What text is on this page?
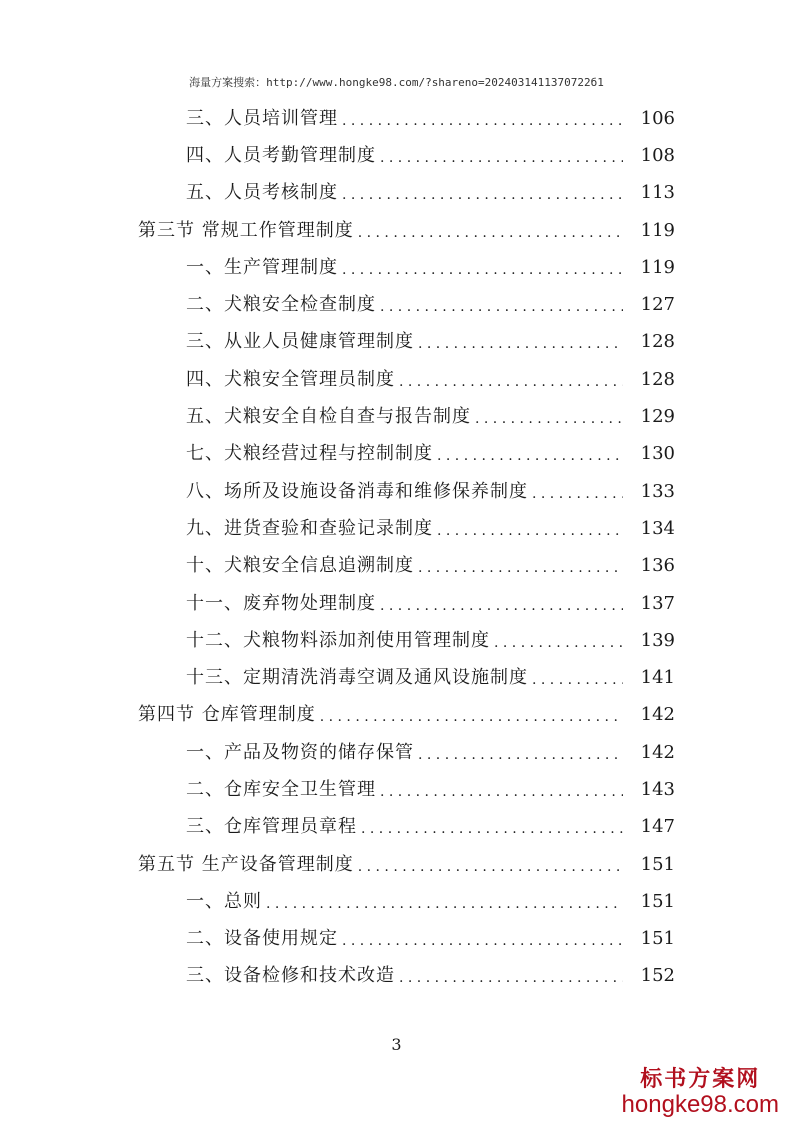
海量方案搜索：http://www.hongke98.com/?shareno=2024031411370722б1
三、人员培训管理 . . .	106
四、人员考勤管理制度 . . .	108
五、人员考核制度 . . .	113
第三节 常规工作管理制度 . . .	119
一、生产管理制度 . . .	119
二、犬粮安全检查制度 . . .	127
三、从业人员健康管理制度 . . .	128
四、犬粮安全管理员制度 . . .	128
五、犬粮安全自检自查与报告制度 . . .	129
七、犬粮经营过程与控制制度 . . .	130
八、场所及设施设备消毒和维修保养制度 . . .	133
九、进货查验和查验记录制度 . . .	134
十、犬粮安全信息追溯制度 . . .	136
十一、废弃物处理制度 . . .	137
十二、犬粮物料添加剂使用管理制度 . . .	139
十三、定期清洗消毒空调及通风设施制度 . . .	141
第四节 仓库管理制度 . . .	142
一、产品及物资的储存保管 . . .	142
二、仓库安全卫生管理 . . .	143
三、仓库管理员章程 . . .	147
第五节 生产设备管理制度 . . .	151
一、总则 . . .	151
二、设备使用规定 . . .	151
三、设备检修和技术改造 . . .	152
3
标书方案网
hongke98.com
